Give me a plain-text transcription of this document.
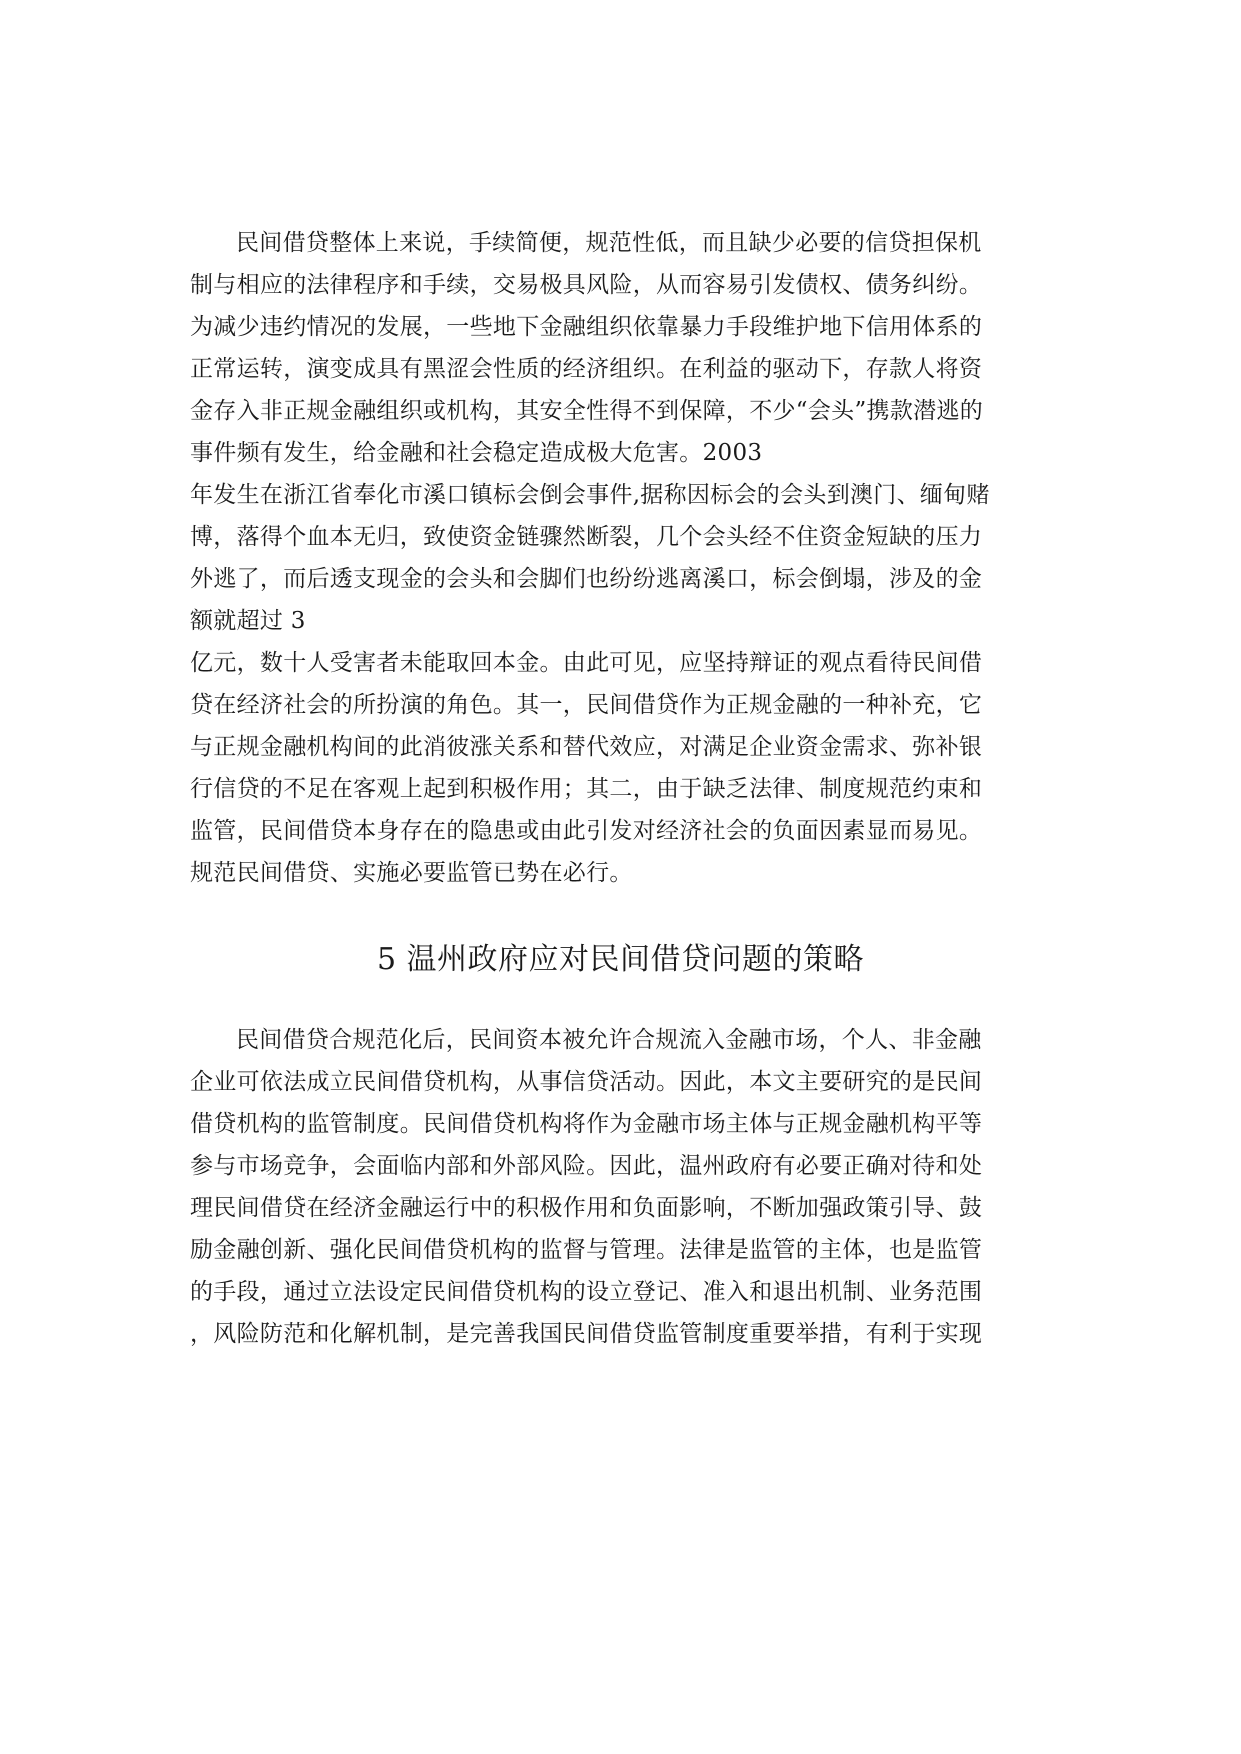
民间借贷整体上来说，手续简便，规范性低，而且缺少必要的信贷担保机
制与相应的法律程序和手续，交易极具风险，从而容易引发债权、债务纠纷。
为减少违约情况的发展，一些地下金融组织依靠暴力手段维护地下信用体系的
正常运转，演变成具有黑涩会性质的经济组织。在利益的驱动下，存款人将资
金存入非正规金融组织或机构，其安全性得不到保障，不少“会头”携款潜逃的
事件频有发生，给金融和社会稳定造成极大危害。2003
年发生在浙江省奉化市溪口镇标会倒会事件,据称因标会的会头到澳门、缅甸赌
博，落得个血本无归，致使资金链骤然断裂，几个会头经不住资金短缺的压力
外逃了，而后透支现金的会头和会脚们也纷纷逃离溪口，标会倒塌，涉及的金
额就超过 3
亿元，数十人受害者未能取回本金。由此可见，应坚持辩证的观点看待民间借
贷在经济社会的所扮演的角色。其一，民间借贷作为正规金融的一种补充，它
与正规金融机构间的此消彼涨关系和替代效应，对满足企业资金需求、弥补银
行信贷的不足在客观上起到积极作用；其二，由于缺乏法律、制度规范约束和
监管，民间借贷本身存在的隐患或由此引发对经济社会的负面因素显而易见。
规范民间借贷、实施必要监管已势在必行。
5 温州政府应对民间借贷问题的策略
民间借贷合规范化后，民间资本被允许合规流入金融市场，个人、非金融
企业可依法成立民间借贷机构，从事信贷活动。因此，本文主要研究的是民间
借贷机构的监管制度。民间借贷机构将作为金融市场主体与正规金融机构平等
参与市场竞争，会面临内部和外部风险。因此，温州政府有必要正确对待和处
理民间借贷在经济金融运行中的积极作用和负面影响，不断加强政策引导、鼓
励金融创新、强化民间借贷机构的监督与管理。法律是监管的主体，也是监管
的手段，通过立法设定民间借贷机构的设立登记、准入和退出机制、业务范围
，风险防范和化解机制，是完善我国民间借贷监管制度重要举措，有利于实现
